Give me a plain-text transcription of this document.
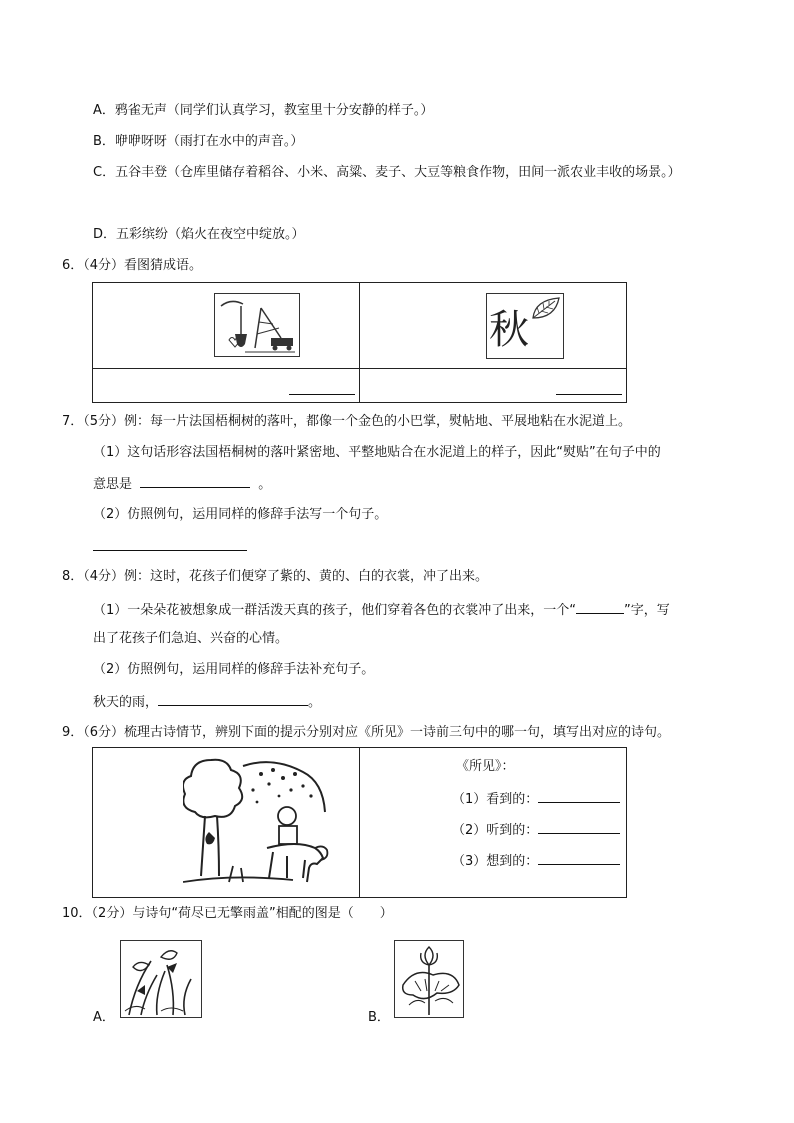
A．鸦雀无声（同学们认真学习，教室里十分安静的样子。）
B．咿咿呀呀（雨打在水中的声音。）
C．五谷丰登（仓库里储存着稻谷、小米、高粱、麦子、大豆等粮食作物，田间一派农业丰收的场景。）
D．五彩缤纷（焰火在夜空中绽放。）
6．（4分）看图猜成语。

秋

7．（5分）例：每一片法国梧桐树的落叶，都像一个金色的小巴掌，熨帖地、平展地粘在水泥道上。
（1）这句话形容法国梧桐树的落叶紧密地、平整地贴合在水泥道上的样子，因此“熨贴”在句子中的
意思是	。
（2）仿照例句，运用同样的修辞手法写一个句子。
8．（4分）例：这时，花孩子们便穿了紫的、黄的、白的衣裳，冲了出来。
（1）一朵朵花被想象成一群活泼天真的孩子，他们穿着各色的衣裳冲了出来，一个“	”字，写
出了花孩子们急迫、兴奋的心情。
（2）仿照例句，运用同样的修辞手法补充句子。
秋天的雨，	。
9．（6分）梳理古诗情节，辨别下面的提示分别对应《所见》一诗前三句中的哪一句，填写出对应的诗句。

《所见》：
（1）看到的：
（2）听到的：
（3）想到的：
10．（2分）与诗句“荷尽已无擎雨盖”相配的图是（　　）
A．	B．
